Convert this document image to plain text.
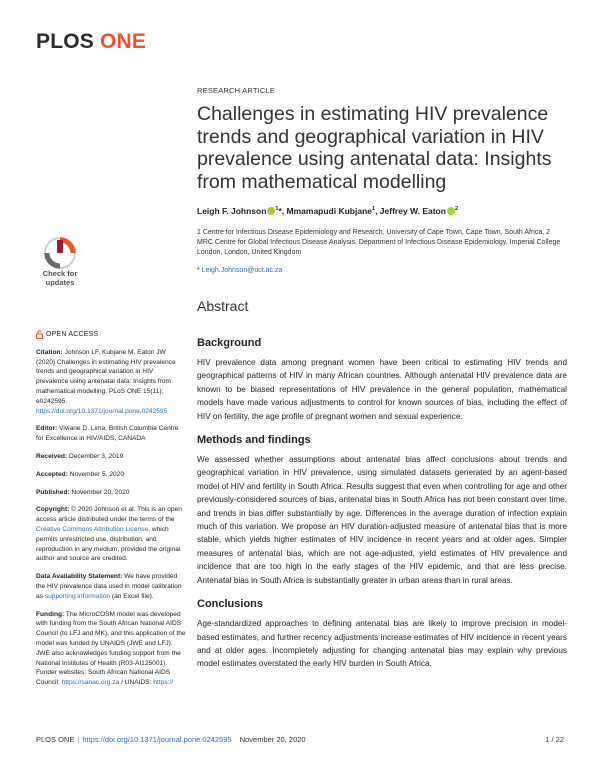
PLOS ONE
Check for
updates
RESEARCH ARTICLE
Challenges in estimating HIV prevalence trends and geographical variation in HIV prevalence using antenatal data: Insights from mathematical modelling
Leigh F. Johnson $^1$*, Mmamapudi Kubjane$^1$, Jeffrey W. Eaton $^2$
1 Centre for Infectious Disease Epidemiology and Research, University of Cape Town, Cape Town, South Africa, 2 MRC Centre for Global Infectious Disease Analysis, Department of Infectious Disease Epidemiology, Imperial College London, London, United Kingdom
* Leigh.Johnson@uct.ac.za
Abstract
Background

HIV prevalence data among pregnant women have been critical to estimating HIV trends and geographical patterns of HIV in many African countries. Although antenatal HIV prevalence data are known to be biased representations of HIV prevalence in the general population, mathematical models have made various adjustments to control for known sources of bias, including the effect of HIV on fertility, the age profile of pregnant women and sexual experience.

Methods and findings

We assessed whether assumptions about antenatal bias affect conclusions about trends and geographical variation in HIV prevalence, using simulated datasets generated by an agent-based model of HIV and fertility in South Africa. Results suggest that even when controlling for age and other previously-considered sources of bias, antenatal bias in South Africa has not been constant over time, and trends in bias differ substantially by age. Differences in the average duration of infection explain much of this variation. We propose an HIV duration-adjusted measure of antenatal bias that is more stable, which yields higher estimates of HIV incidence in recent years and at older ages. Simpler measures of antenatal bias, which are not age-adjusted, yield estimates of HIV prevalence and incidence that are too high in the early stages of the HIV epidemic, and that are less precise. Antenatal bias in South Africa is substantially greater in urban areas than in rural areas.

Conclusions

Age-standardized approaches to defining antenatal bias are likely to improve precision in model-based estimates, and further recency adjustments increase estimates of HIV incidence in recent years and at older ages. Incompletely adjusting for changing antenatal bias may explain why previous model estimates overstated the early HIV burden in South Africa.

OPEN ACCESS
Citation: Johnson LF, Kubjane M, Eaton JW (2020) Challenges in estimating HIV prevalence trends and geographical variation in HIV prevalence using antenatal data: Insights from mathematical modelling. PLoS ONE 15(11): e0242595. https://doi.org/10.1371/journal.pone.0242595
Editor: Viviane D. Lima, British Columbia Centre for Excellence in HIV/AIDS, CANADA
Received: December 3, 2019
Accepted: November 5, 2020
Published: November 20, 2020
Copyright: © 2020 Johnson et al. This is an open access article distributed under the terms of the Creative Commons Attribution License, which permits unrestricted use, distribution, and reproduction in any medium, provided the original author and source are credited.
Data Availability Statement: We have provided the HIV prevalence data used in model calibration as supporting information (an Excel file).
Funding: The MicroCOSM model was developed with funding from the South African National AIDS Council (to LFJ and MK), and this application of the model was funded by UNAIDS (JWE and LFJ). JWE also acknowledges funding support from the National Institutes of Health (R03-AI125001). Funder websites: South African National AIDS Council: https://sanac.org.za / UNAIDS: https://
PLOS ONE | https://doi.org/10.1371/journal.pone.0242595
November 20, 2020	1 / 22
